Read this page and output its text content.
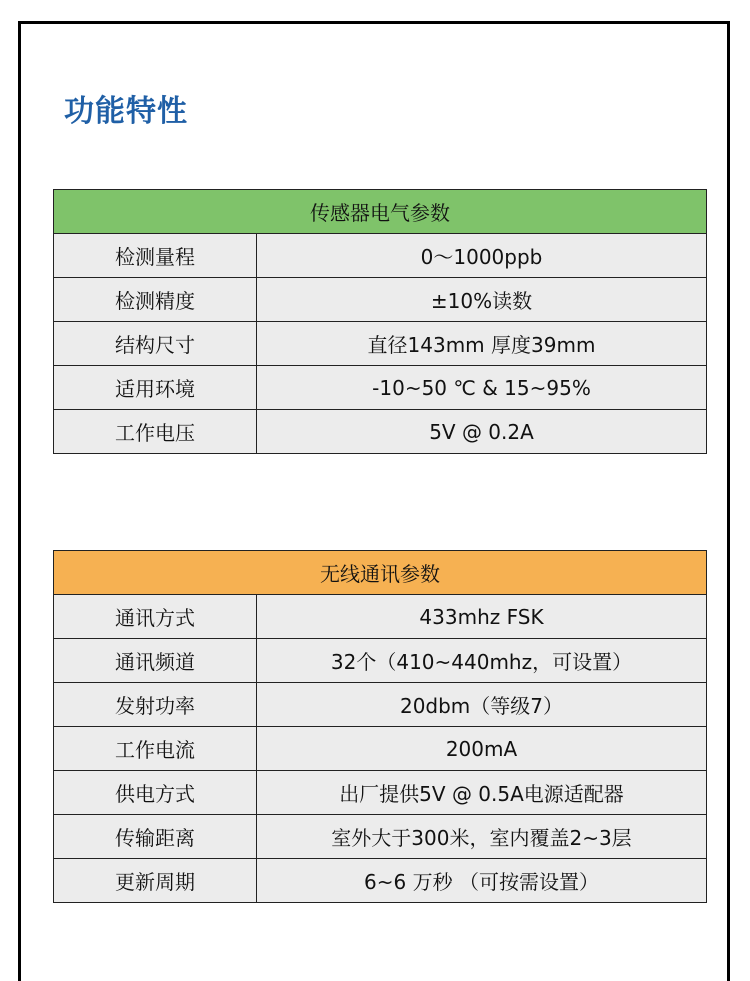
功能特性
传感器电气参数	
检测量程	0～1000ppb
检测精度	±10%读数
结构尺寸	直径143mm 厚度39mm
适用环境	-10~50 ℃ & 15~95%
工作电压	5V @ 0.2A
无线通讯参数	
通讯方式	433mhz FSK
通讯频道	32个（410~440mhz，可设置）
发射功率	20dbm（等级7）
工作电流	200mA
供电方式	出厂提供5V @ 0.5A电源适配器
传输距离	室外大于300米，室内覆盖2~3层
更新周期	6~6 万秒 （可按需设置）
